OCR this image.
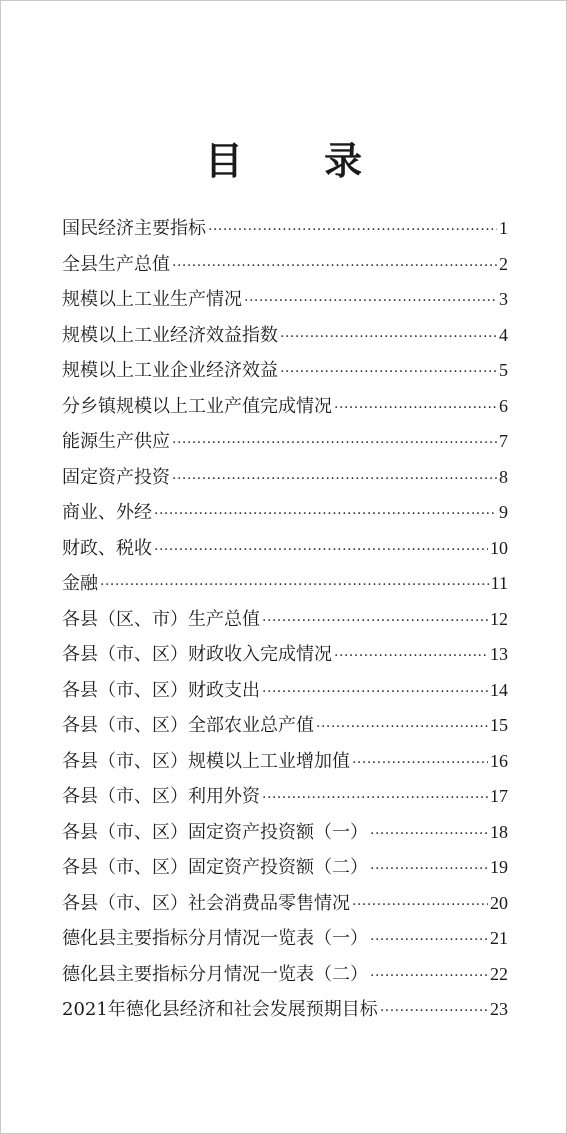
目 录
国民经济主要指标 ·····	1
全县生产总值 ·····	2
规模以上工业生产情况 ·····	3
规模以上工业经济效益指数 ·····	4
规模以上工业企业经济效益 ·····	5
分乡镇规模以上工业产值完成情况 ·····	6
能源生产供应 ·····	7
固定资产投资 ·····	8
商业、外经 ·····	9
财政、税收 ·····	10
金融 ·····	11
各县（区、市）生产总值 ·····	12
各县（市、区）财政收入完成情况 ·····	13
各县（市、区）财政支出 ·····	14
各县（市、区）全部农业总产值 ·····	15
各县（市、区）规模以上工业增加值 ·····	16
各县（市、区）利用外资 ·····	17
各县（市、区）固定资产投资额（一） ·····	18
各县（市、区）固定资产投资额（二） ·····	19
各县（市、区）社会消费品零售情况 ·····	20
德化县主要指标分月情况一览表（一） ·····	21
德化县主要指标分月情况一览表（二） ·····	22
2021年德化县经济和社会发展预期目标 ·····	23
